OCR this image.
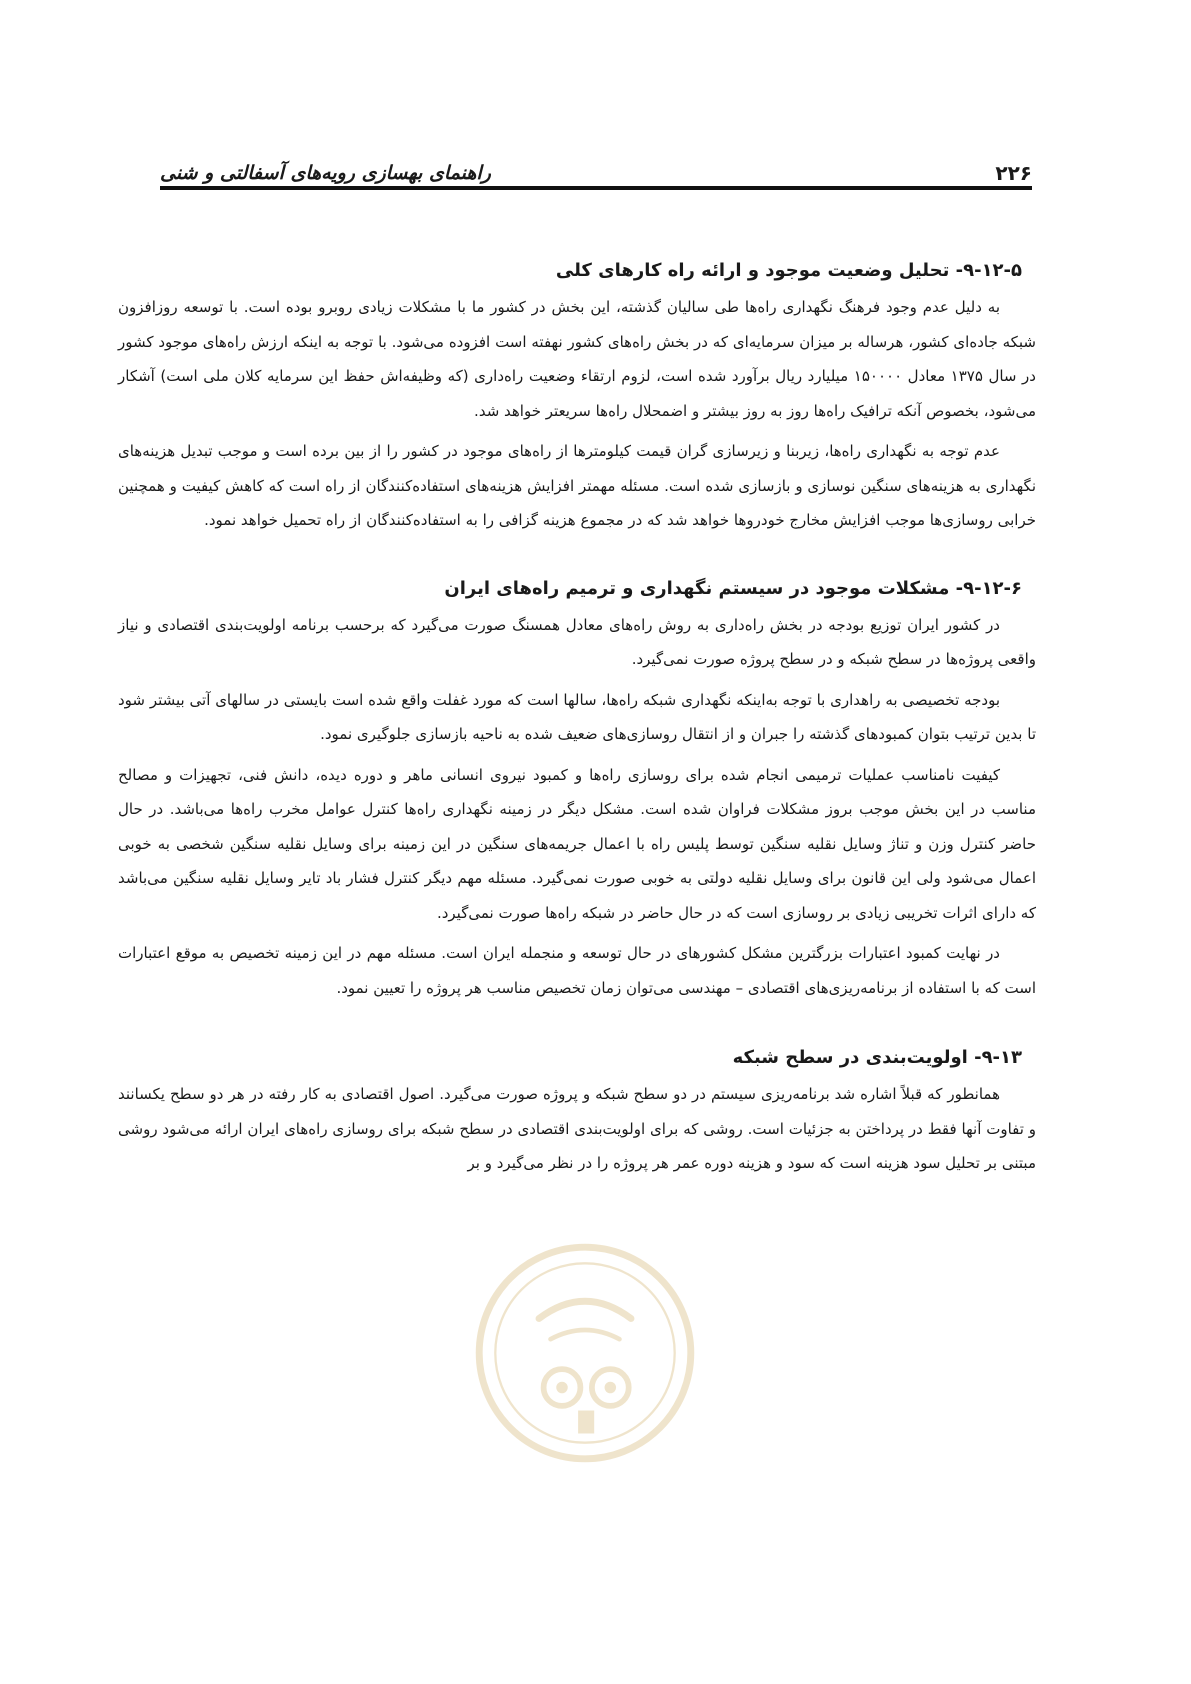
۲۲۶
راهنمای بهسازی رویه‌های آسفالتی و شنی
۹-۱۲-۵- تحلیل وضعیت موجود و ارائه راه کارهای کلی

به دلیل عدم وجود فرهنگ نگهداری راه‌ها طی سالیان گذشته، این بخش در کشور ما با مشکلات زیادی روبرو بوده است. با توسعه روزافزون شبکه جاده‌ای کشور، هرساله بر میزان سرمایه‌ای که در بخش راه‌های کشور نهفته است افزوده می‌شود. با توجه به اینکه ارزش راه‌های موجود کشور در سال ۱۳۷۵ معادل ۱۵۰۰۰۰ میلیارد ریال برآورد شده است، لزوم ارتقاء وضعیت راه‌داری (که وظیفه‌اش حفظ این سرمایه کلان ملی است) آشکار می‌شود، بخصوص آنکه ترافیک راه‌ها روز به روز بیشتر و اضمحلال راه‌ها سریعتر خواهد شد.

عدم توجه به نگهداری راه‌ها، زیربنا و زیرسازی گران قیمت کیلومترها از راه‌های موجود در کشور را از بین برده است و موجب تبدیل هزینه‌های نگهداری به هزینه‌های سنگین نوسازی و بازسازی شده است. مسئله مهمتر افزایش هزینه‌های استفاده‌کنندگان از راه است که کاهش کیفیت و همچنین خرابی روسازی‌ها موجب افزایش مخارج خودروها خواهد شد که در مجموع هزینه گزافی را به استفاده‌کنندگان از راه تحمیل خواهد نمود.

۹-۱۲-۶- مشکلات موجود در سیستم نگهداری و ترمیم راه‌های ایران

در کشور ایران توزیع بودجه در بخش راه‌داری به روش راه‌های معادل همسنگ صورت می‌گیرد که برحسب برنامه اولویت‌بندی اقتصادی و نیاز واقعی پروژه‌ها در سطح شبکه و در سطح پروژه صورت نمی‌گیرد.

بودجه تخصیصی به راهداری با توجه به‌اینکه نگهداری شبکه راه‌ها، سالها است که مورد غفلت واقع شده است بایستی در سالهای آتی بیشتر شود تا بدین ترتیب بتوان کمبودهای گذشته را جبران و از انتقال روسازی‌های ضعیف شده به ناحیه بازسازی جلوگیری نمود.

کیفیت نامناسب عملیات ترمیمی انجام شده برای روسازی راه‌ها و کمبود نیروی انسانی ماهر و دوره دیده، دانش فنی، تجهیزات و مصالح مناسب در این بخش موجب بروز مشکلات فراوان شده است. مشکل دیگر در زمینه نگهداری راه‌ها کنترل عوامل مخرب راه‌ها می‌باشد. در حال حاضر کنترل وزن و تناژ وسایل نقلیه سنگین توسط پلیس راه با اعمال جریمه‌های سنگین در این زمینه برای وسایل نقلیه سنگین شخصی به خوبی اعمال می‌شود ولی این قانون برای وسایل نقلیه دولتی به خوبی صورت نمی‌گیرد. مسئله مهم دیگر کنترل فشار باد تایر وسایل نقلیه سنگین می‌باشد که دارای اثرات تخریبی زیادی بر روسازی است که در حال حاضر در شبکه راه‌ها صورت نمی‌گیرد.

در نهایت کمبود اعتبارات بزرگترین مشکل کشورهای در حال توسعه و منجمله ایران است. مسئله مهم در این زمینه تخصیص به موقع اعتبارات است که با استفاده از برنامه‌ریزی‌های اقتصادی – مهندسی می‌توان زمان تخصیص مناسب هر پروژه را تعیین نمود.

۹-۱۳- اولویت‌بندی در سطح شبکه

همانطور که قبلاً اشاره شد برنامه‌ریزی سیستم در دو سطح شبکه و پروژه صورت می‌گیرد. اصول اقتصادی به کار رفته در هر دو سطح یکسانند و تفاوت آنها فقط در پرداختن به جزئیات است. روشی که برای اولویت‌بندی اقتصادی در سطح شبکه برای روسازی راه‌های ایران ارائه می‌شود روشی مبتنی بر تحلیل سود هزینه است که سود و هزینه دوره عمر هر پروژه را در نظر می‌گیرد و بر
